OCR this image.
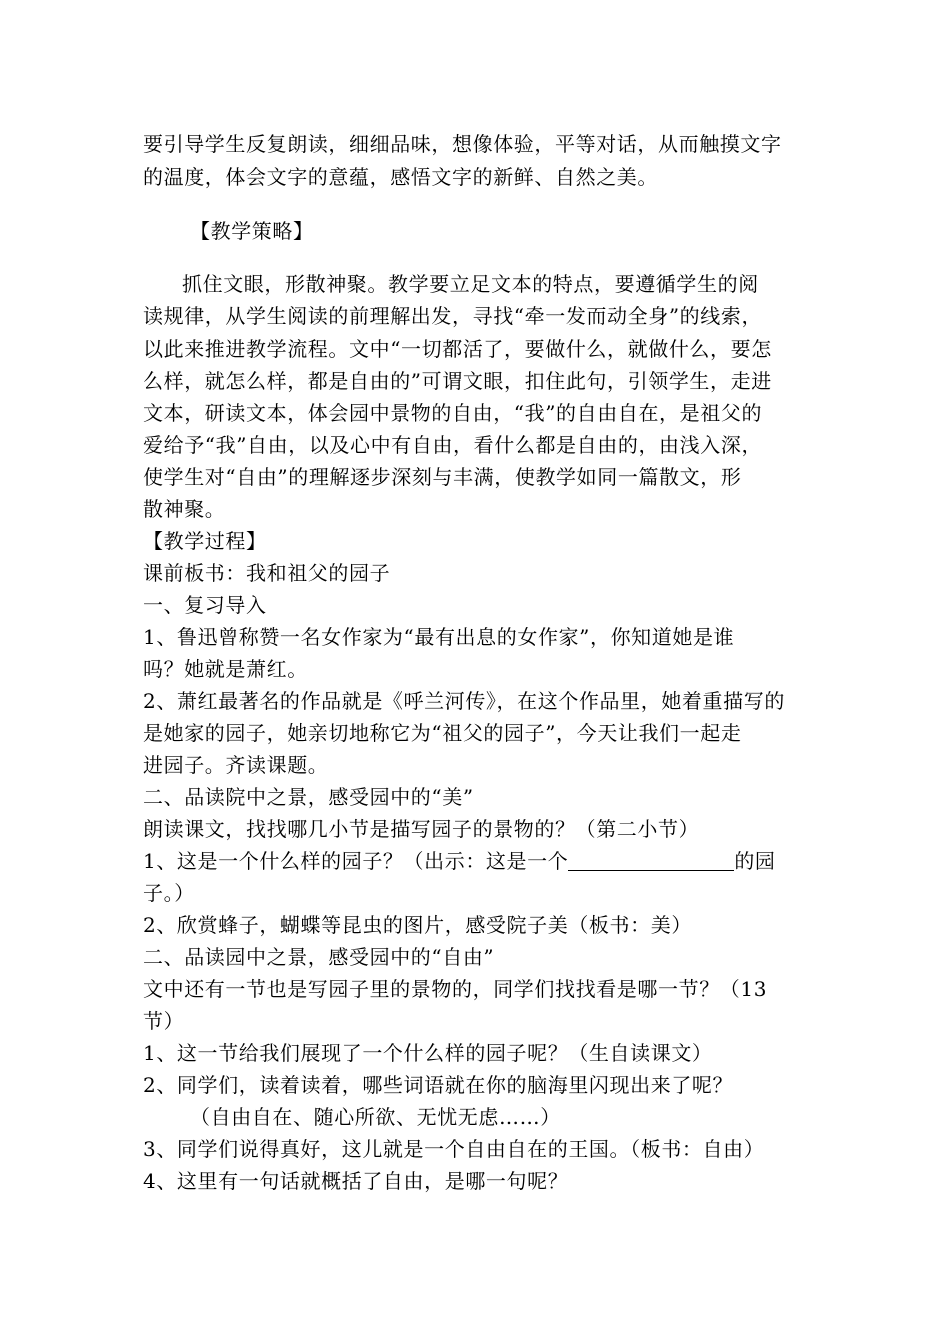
要引导学生反复朗读，细细品味，想像体验，平等对话，从而触摸文字
的温度，体会文字的意蕴，感悟文字的新鲜、自然之美。
【教学策略】
抓住文眼，形散神聚。教学要立足文本的特点，要遵循学生的阅
读规律，从学生阅读的前理解出发，寻找“牵一发而动全身”的线索，
以此来推进教学流程。文中“一切都活了，要做什么，就做什么，要怎
么样，就怎么样，都是自由的”可谓文眼，扣住此句，引领学生，走进
文本，研读文本，体会园中景物的自由，“我”的自由自在，是祖父的
爱给予“我”自由，以及心中有自由，看什么都是自由的，由浅入深，
使学生对“自由”的理解逐步深刻与丰满，使教学如同一篇散文，形
散神聚。
【教学过程】
课前板书：我和祖父的园子
一、复习导入
1、鲁迅曾称赞一名女作家为“最有出息的女作家”，你知道她是谁
吗？她就是萧红。
2、萧红最著名的作品就是《呼兰河传》，在这个作品里，她着重描写的
是她家的园子，她亲切地称它为“祖父的园子”，今天让我们一起走
进园子。齐读课题。
二、品读院中之景，感受园中的“美”
朗读课文，找找哪几小节是描写园子的景物的？（第二小节）
1、这是一个什么样的园子？（出示：这是一个	的园
子。）
2、欣赏蜂子，蝴蝶等昆虫的图片，感受院子美（板书：美）
二、品读园中之景，感受园中的“自由”
文中还有一节也是写园子里的景物的，同学们找找看是哪一节？（13
节）
1、这一节给我们展现了一个什么样的园子呢？（生自读课文）
2、同学们，读着读着，哪些词语就在你的脑海里闪现出来了呢？
（自由自在、随心所欲、无忧无虑……）
3、同学们说得真好，这儿就是一个自由自在的王国。（板书：自由）
4、这里有一句话就概括了自由，是哪一句呢？
